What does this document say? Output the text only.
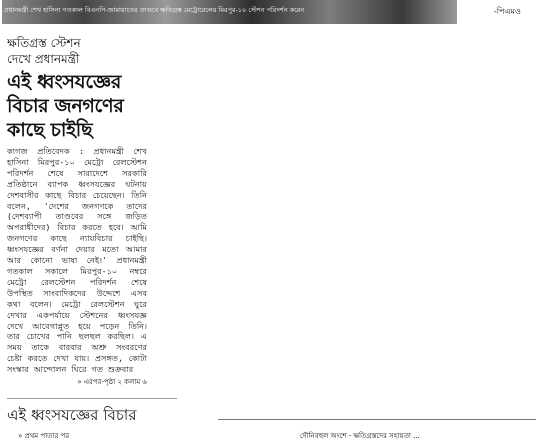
প্রধানমন্ত্রী শেখ হাসিনা গতকাল বিএনপি-জামায়াতের তাণ্ডবে ক্ষতিগ্রস্ত মেট্রোরেলের মিরপুর-১০ স্টেশন পরিদর্শন করেন	-পিএমও

ক্ষতিগ্রস্ত স্টেশন

দেখে প্রধানমন্ত্রী

এই ধ্বংসযজ্ঞের
বিচার জনগণের
কাছে চাইছি

কাগজ প্রতিবেদক : প্রধানমন্ত্রী শেখ হাসিনা মিরপুর-১০ মেট্রো রেলস্টেশন পরিদর্শন শেষে সারাদেশে সরকারি প্রতিষ্ঠানে ব্যাপক ধ্বংসযজ্ঞের ঘটনায় দেশবাসীর কাছে বিচার চেয়েছেন। তিনি বলেন, 'দেশের জনগণকে তাদের (দেশব্যাপী তাণ্ডবের সঙ্গে জড়িত অপরাধীদের) বিচার করতে হবে। আমি জনগণের কাছে ন্যায়বিচার চাইছি। ধ্বংসযজ্ঞের বর্ণনা দেয়ার মতো আমার আর কোনো ভাষা নেই।' প্রধানমন্ত্রী গতকাল সকালে মিরপুর-১০ নম্বরে মেট্রো রেলস্টেশন পরিদর্শন শেষে উপস্থিত সাংবাদিকদের উদ্দেশে এসব কথা বলেন। মেট্রো রেলস্টেশন ঘুরে দেখার একপর্যায়ে স্টেশনের ধ্বংসযজ্ঞ দেখে আবেগাপ্লুত হয়ে পড়েন তিনি। তার চোখের পানি ছলছল করছিল। এ সময় তাকে বারবার অশ্রু সংবরণের চেষ্টা করতে দেখা যায়। প্রসঙ্গত, কোটা সংস্কার আন্দোলন ঘিরে গত শুক্রবার

» এরপর-পৃষ্ঠা ২ কলাম ৬
এই ধ্বংসযজ্ঞের বিচার
» প্রথম পাতার পর	দৌনিবহুল অংশে - ক্ষতিগ্রস্তদের সহায়তা ...
